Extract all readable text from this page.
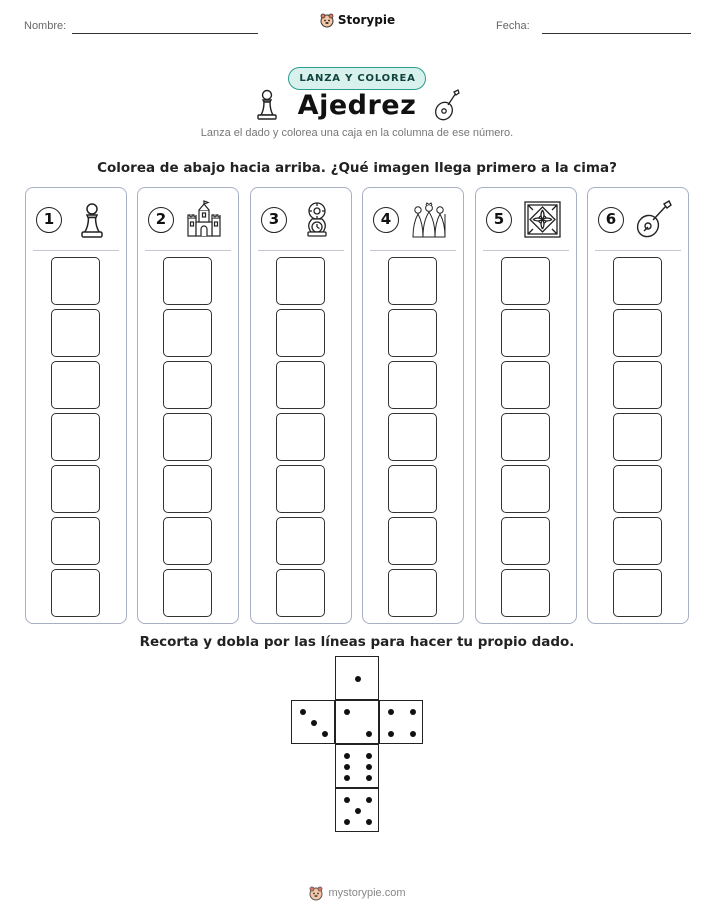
Nombre:	Storypie	Fecha:
LANZA Y COLOREA
Ajedrez
Lanza el dado y colorea una caja en la columna de ese número.
Colorea de abajo hacia arriba. ¿Qué imagen llega primero a la cima?
1	2	3	4	5	6
Recorta y dobla por las líneas para hacer tu propio dado.
mystorypie.com
